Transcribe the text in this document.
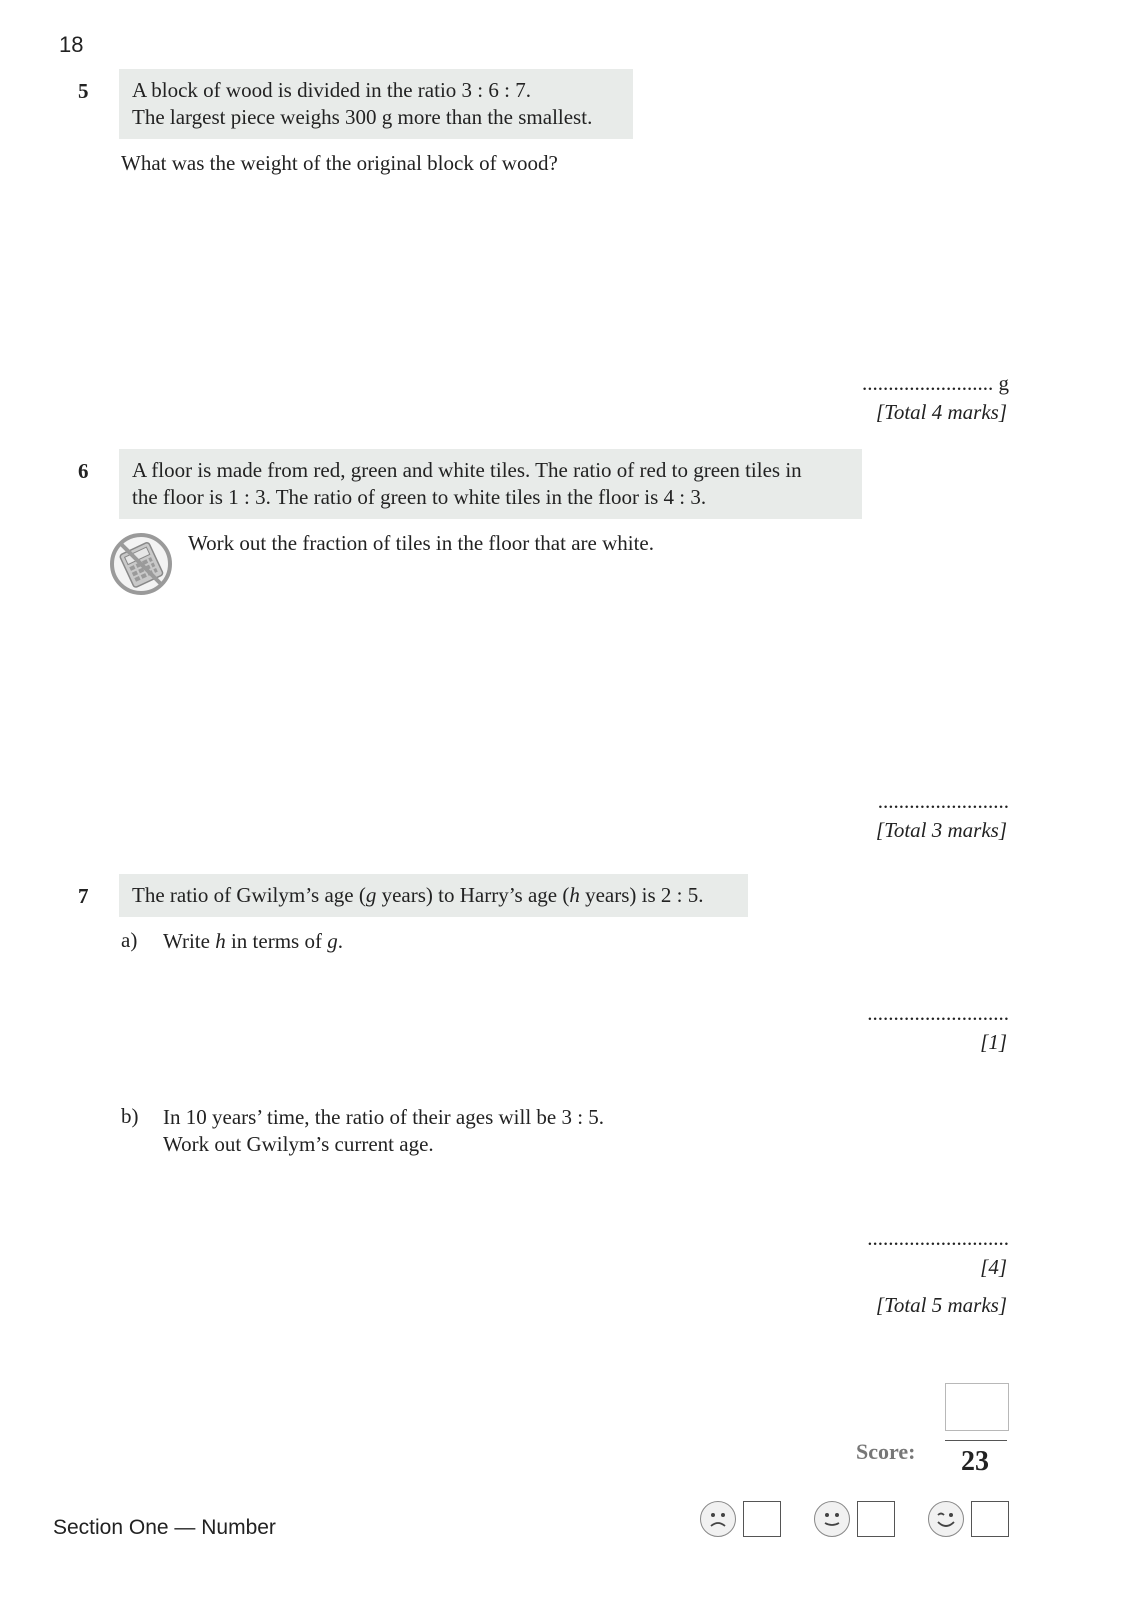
18
5 A block of wood is divided in the ratio 3 : 6 : 7.
The largest piece weighs 300 g more than the smallest.
What was the weight of the original block of wood?
......................... g
[Total 4 marks]
6 A floor is made from red, green and white tiles. The ratio of red to green tiles in
the floor is 1 : 3. The ratio of green to white tiles in the floor is 4 : 3.
Work out the fraction of tiles in the floor that are white.
.........................
[Total 3 marks]
7	The ratio of Gwilym’s age (g years) to Harry’s age (h years) is 2 : 5.
a) Write h in terms of g.
...........................
[1]
b) In 10 years’ time, the ratio of their ages will be 3 : 5.
Work out Gwilym’s current age.
...........................
[4]
[Total 5 marks]
Score: 23
Section One — Number
